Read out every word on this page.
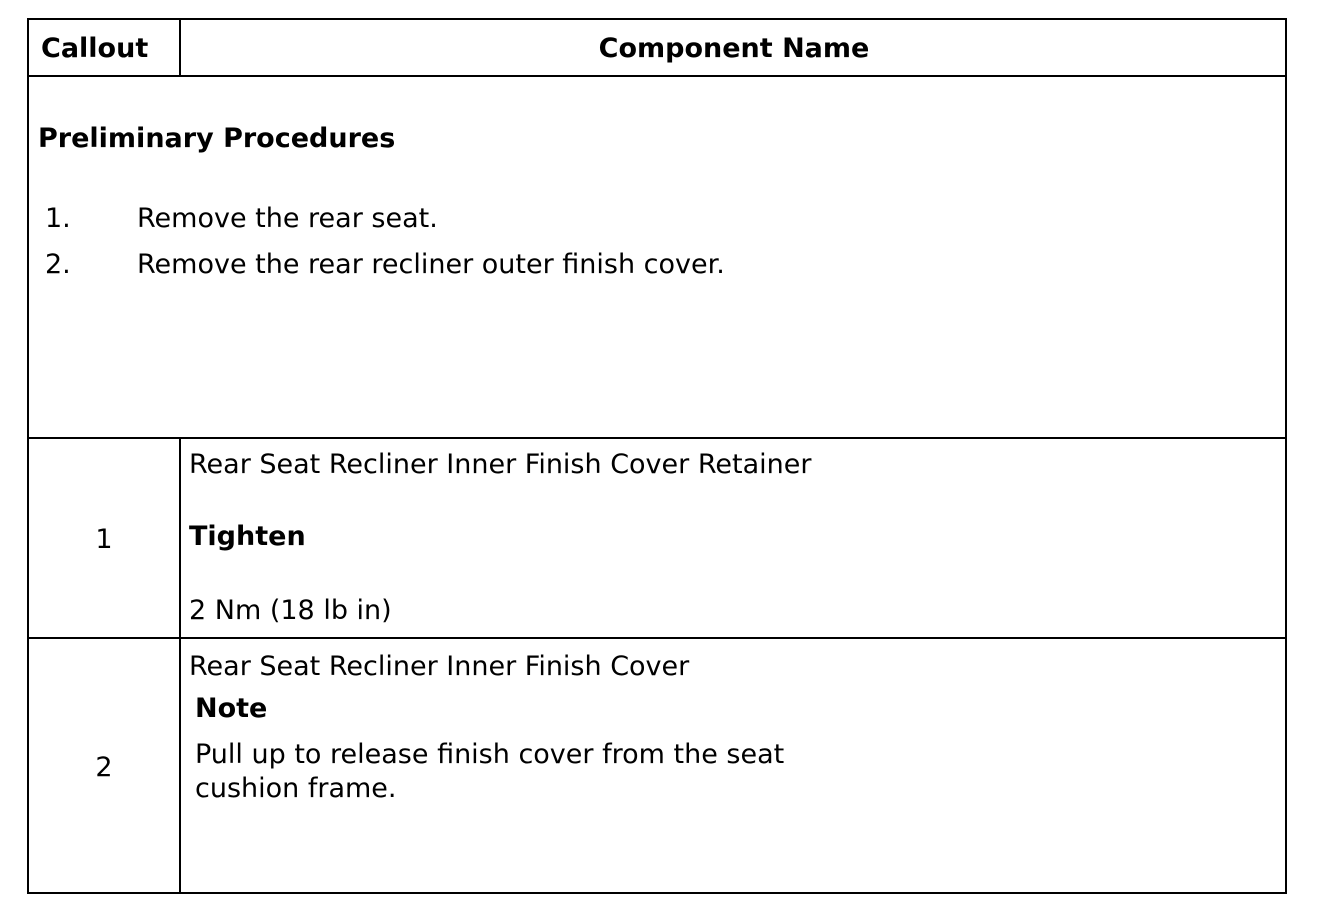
Callout	Component Name
Preliminary Procedures
1. Remove the rear seat.
2. Remove the rear recliner outer finish cover.
1
Rear Seat Recliner Inner Finish Cover Retainer
Tighten
2 Nm (18 lb in)
2
Rear Seat Recliner Inner Finish Cover
Note
Pull up to release finish cover from the seat
cushion frame.
